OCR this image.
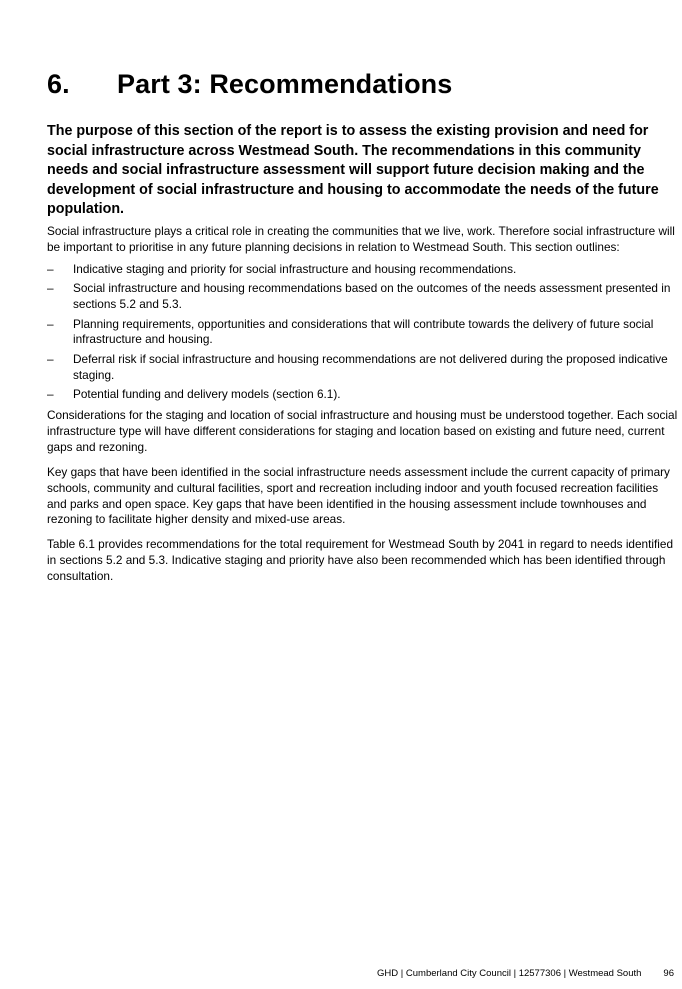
6. Part 3: Recommendations

The purpose of this section of the report is to assess the existing provision and need for social infrastructure across Westmead South. The recommendations in this community needs and social infrastructure assessment will support future decision making and the development of social infrastructure and housing to accommodate the needs of the future population.

Social infrastructure plays a critical role in creating the communities that we live, work. Therefore social infrastructure will be important to prioritise in any future planning decisions in relation to Westmead South. This section outlines:

– Indicative staging and priority for social infrastructure and housing recommendations.
– Social infrastructure and housing recommendations based on the outcomes of the needs assessment presented in sections 5.2 and 5.3.
– Planning requirements, opportunities and considerations that will contribute towards the delivery of future social infrastructure and housing.
– Deferral risk if social infrastructure and housing recommendations are not delivered during the proposed indicative staging.
– Potential funding and delivery models (section 6.1).

Considerations for the staging and location of social infrastructure and housing must be understood together. Each social infrastructure type will have different considerations for staging and location based on existing and future need, current gaps and rezoning.

Key gaps that have been identified in the social infrastructure needs assessment include the current capacity of primary schools, community and cultural facilities, sport and recreation including indoor and youth focused recreation facilities and parks and open space. Key gaps that have been identified in the housing assessment include townhouses and rezoning to facilitate higher density and mixed-use areas.

Table 6.1 provides recommendations for the total requirement for Westmead South by 2041 in regard to needs identified in sections 5.2 and 5.3. Indicative staging and priority have also been recommended which has been identified through consultation.

GHD | Cumberland City Council | 12577306 | Westmead South 96
